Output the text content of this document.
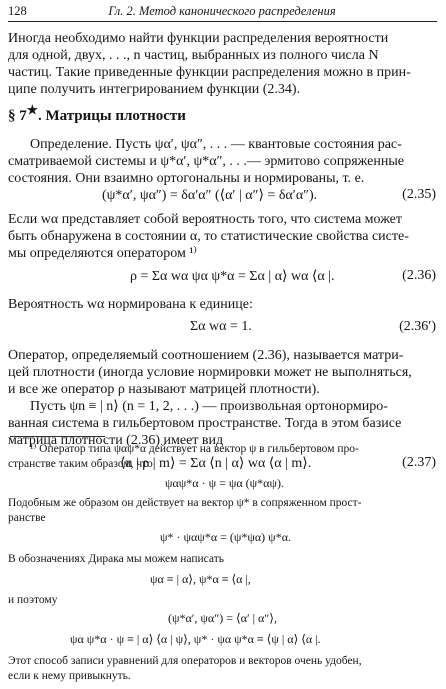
128	Гл. 2. Метод канонического распределения
Иногда необходимо найти функции распределения вероятности
для одной, двух, . . ., n частиц, выбранных из полного числа N
частиц. Такие приведенные функции распределения можно в прин-
ципе получить интегрированием функции (2.34).
§ 7★. Матрицы плотности
Определение. Пусть ψα′, ψα″, . . . — квантовые состояния рас-
сматриваемой системы и ψ*α′, ψ*α″, . . .— эрмитово сопряженные
состояния. Они взаимно ортогональны и нормированы, т. е.
(ψ*α′, ψα″) = δα′α″ (⟨α′ | α″⟩ = δα′α″).	(2.35)
Если wα представляет собой вероятность того, что система может
быть обнаружена в состоянии α, то статистические свойства систе-
мы определяются оператором ¹⁾
ρ = Σα wα ψα ψ*α = Σα | α⟩ wα ⟨α |.	(2.36)
Вероятность wα нормирована к единице:
Σα wα = 1.	(2.36′)
Оператор, определяемый соотношением (2.36), называется матри-
цей плотности (иногда условие нормировки может не выполняться,
и все же оператор ρ называют матрицей плотности).
Пусть ψn ≡ | n⟩ (n = 1, 2, . . .) — произвольная ортонормиро-
ванная система в гильбертовом пространстве. Тогда в этом базисе
матрица плотности (2.36) имеет вид
⟨n | ρ | m⟩ = Σα ⟨n | α⟩ wα ⟨α | m⟩.	(2.37)
¹⁾ Оператор типа ψαψ*α действует на вектор ψ в гильбертовом про-
странстве таким образом, что
ψαψ*α · ψ = ψα (ψ*αψ).
Подобным же образом он действует на вектор ψ* в сопряженном прост-
ранстве
ψ* · ψαψ*α = (ψ*ψα) ψ*α.
В обозначениях Дирака мы можем написать
ψα ≡ | α⟩, ψ*α ≡ ⟨α |,
и поэтому
(ψ*α′, ψα″) = ⟨α′ | α″⟩,
ψα ψ*α · ψ ≡ | α⟩ ⟨α | ψ⟩, ψ* · ψα ψ*α ≡ ⟨ψ | α⟩ ⟨α |.
Этот способ записи уравнений для операторов и векторов очень удобен,
если к нему привыкнуть.
